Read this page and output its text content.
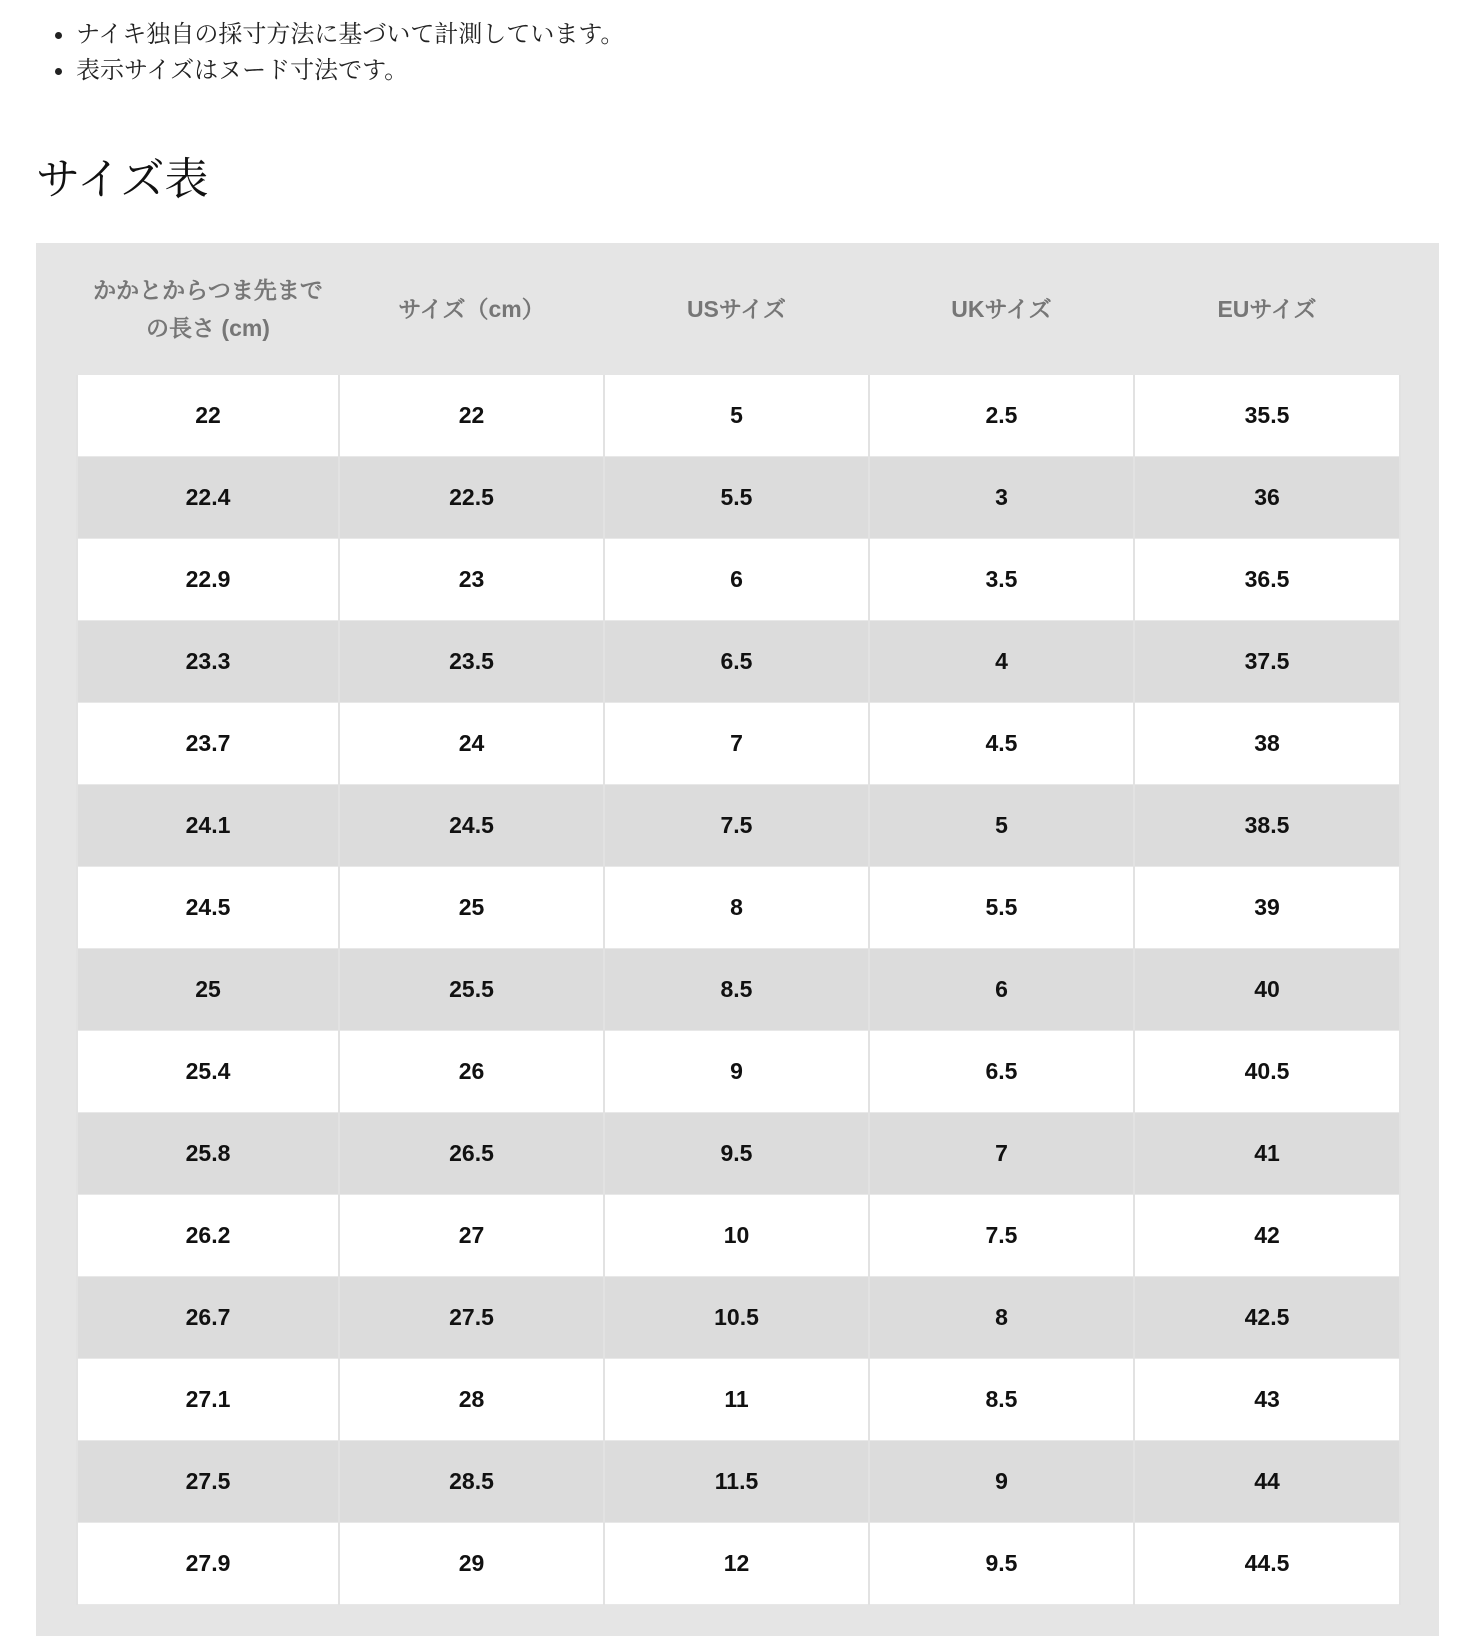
• ナイキ独自の採寸方法に基づいて計測しています。
• 表示サイズはヌード寸法です。
サイズ表
かかとからつま先までの長さ (cm)	サイズ（cm）	USサイズ	UKサイズ	EUサイズ
22	22	5	2.5	35.5
22.4	22.5	5.5	3	36
22.9	23	6	3.5	36.5
23.3	23.5	6.5	4	37.5
23.7	24	7	4.5	38
24.1	24.5	7.5	5	38.5
24.5	25	8	5.5	39
25	25.5	8.5	6	40
25.4	26	9	6.5	40.5
25.8	26.5	9.5	7	41
26.2	27	10	7.5	42
26.7	27.5	10.5	8	42.5
27.1	28	11	8.5	43
27.5	28.5	11.5	9	44
27.9	29	12	9.5	44.5
